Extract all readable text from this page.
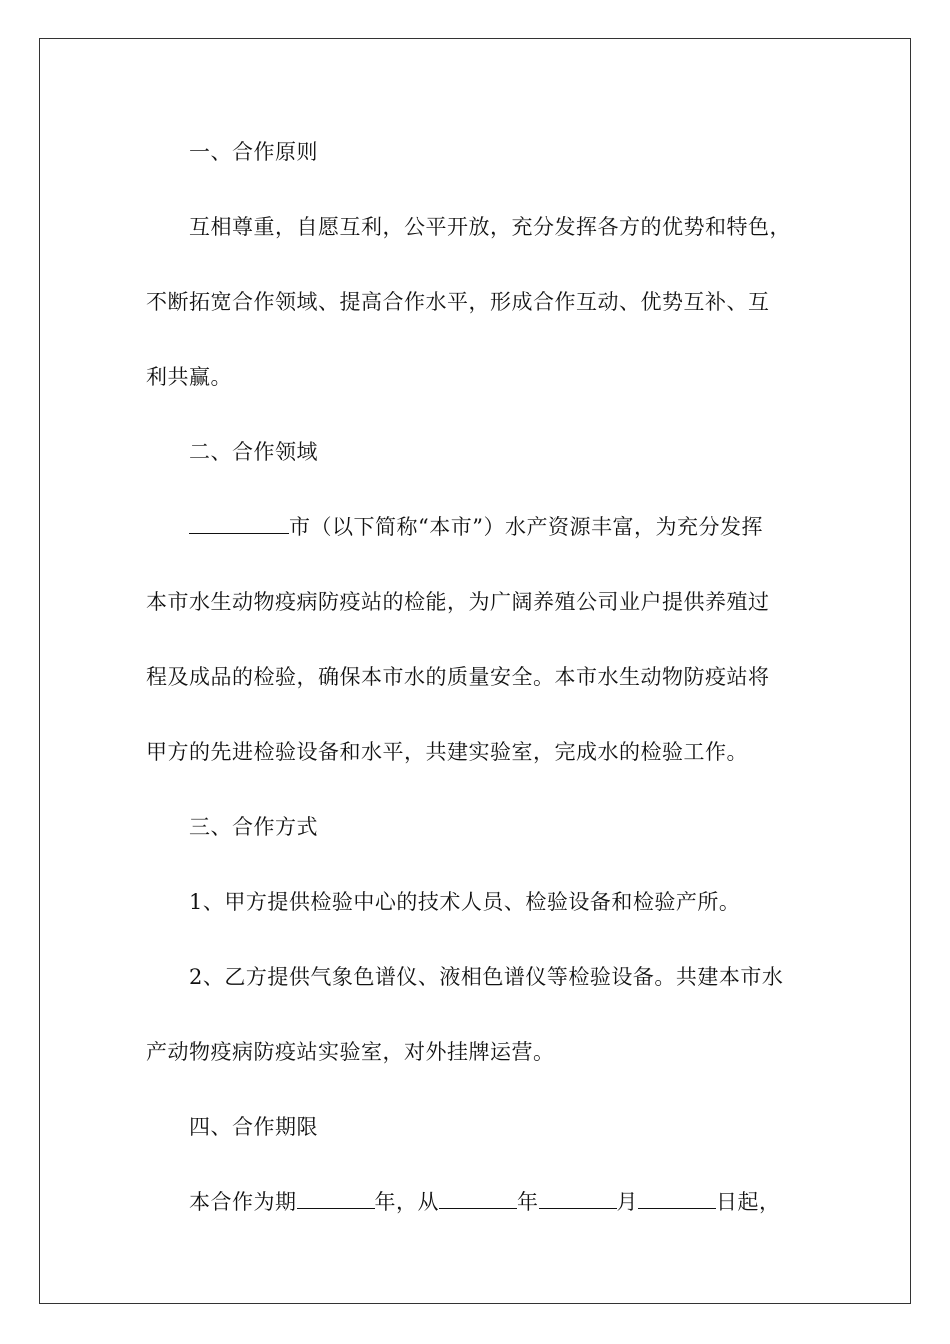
一、合作原则
互相尊重，自愿互利，公平开放，充分发挥各方的优势和特色，
不断拓宽合作领域、提高合作水平，形成合作互动、优势互补、互
利共赢。
二、合作领域
市（以下简称“本市”）水产资源丰富，为充分发挥
本市水生动物疫病防疫站的检能，为广阔养殖公司业户提供养殖过
程及成品的检验，确保本市水的质量安全。本市水生动物防疫站将
甲方的先进检验设备和水平，共建实验室，完成水的检验工作。
三、合作方式
1、甲方提供检验中心的技术人员、检验设备和检验产所。
2、乙方提供气象色谱仪、液相色谱仪等检验设备。共建本市水
产动物疫病防疫站实验室，对外挂牌运营。
四、合作期限
本合作为期	年，从	年	月	日起，
